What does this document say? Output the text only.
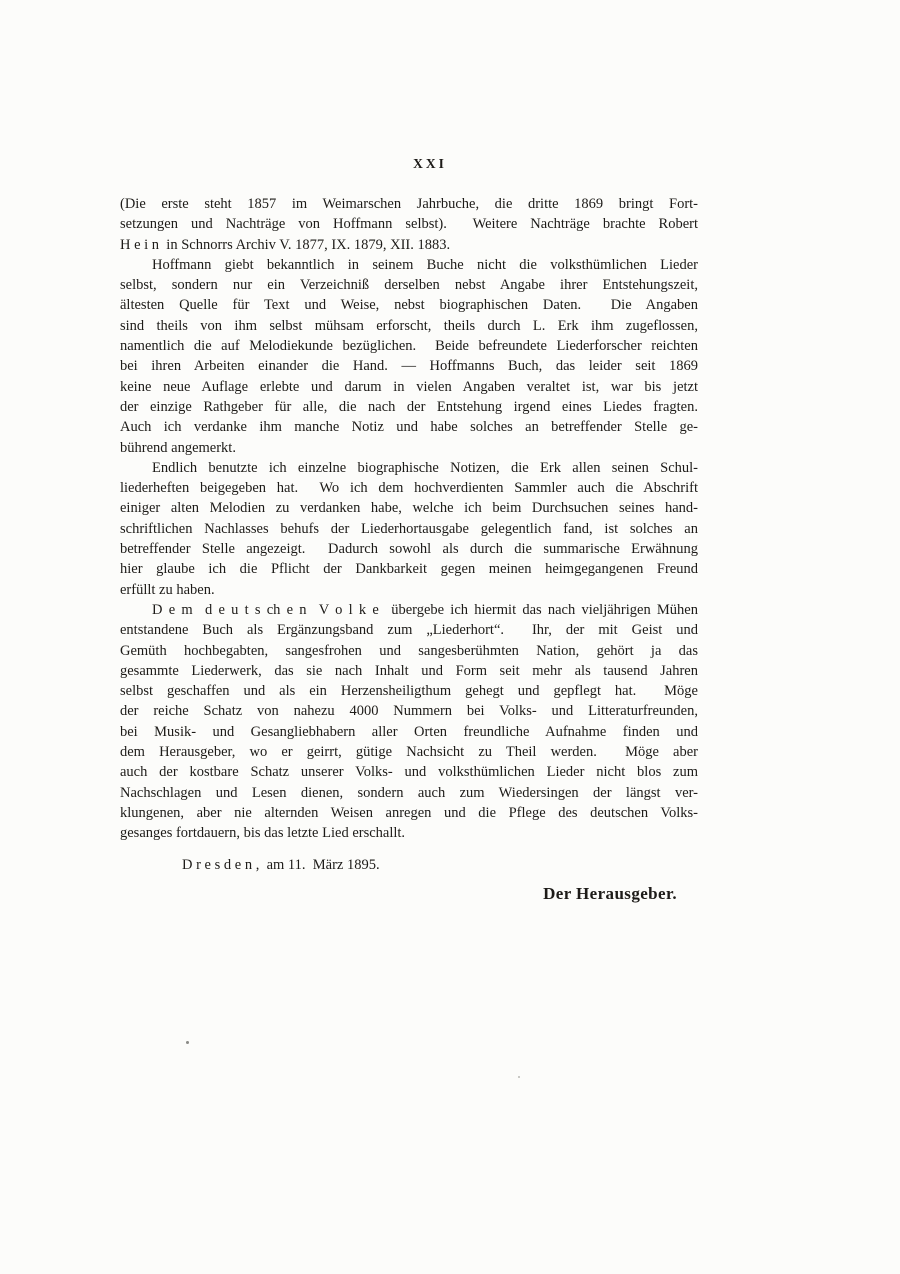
XXI
(Die erste steht 1857 im Weimarschen Jahrbuche, die dritte 1869 bringt Fort-
setzungen und Nachträge von Hoffmann selbst).  Weitere Nachträge brachte Robert
H e i n  in Schnorrs Archiv V. 1877, IX. 1879, XII. 1883.
Hoffmann giebt bekanntlich in seinem Buche nicht die volksthümlichen Lieder
selbst, sondern nur ein Verzeichniß derselben nebst Angabe ihrer Entstehungszeit,
ältesten Quelle für Text und Weise, nebst biographischen Daten.  Die Angaben
sind theils von ihm selbst mühsam erforscht, theils durch L. Erk ihm zugeflossen,
namentlich die auf Melodiekunde bezüglichen.  Beide befreundete Liederforscher reichten
bei ihren Arbeiten einander die Hand. — Hoffmanns Buch, das leider seit 1869
keine neue Auflage erlebte und darum in vielen Angaben veraltet ist, war bis jetzt
der einzige Rathgeber für alle, die nach der Entstehung irgend eines Liedes fragten.
Auch ich verdanke ihm manche Notiz und habe solches an betreffender Stelle ge-
bührend angemerkt.
Endlich benutzte ich einzelne biographische Notizen, die Erk allen seinen Schul-
liederheften beigegeben hat.  Wo ich dem hochverdienten Sammler auch die Abschrift
einiger alten Melodien zu verdanken habe, welche ich beim Durchsuchen seines hand-
schriftlichen Nachlasses behufs der Liederhortausgabe gelegentlich fand, ist solches an
betreffender Stelle angezeigt.  Dadurch sowohl als durch die summarische Erwähnung
hier glaube ich die Pflicht der Dankbarkeit gegen meinen heimgegangenen Freund
erfüllt zu haben.
D e m  d e u t s ch e n  V o l k e  übergebe ich hiermit das nach vieljährigen Mühen
entstandene Buch als Ergänzungsband zum „Liederhort“.  Ihr, der mit Geist und
Gemüth hochbegabten, sangesfrohen und sangesberühmten Nation, gehört ja das
gesammte Liederwerk, das sie nach Inhalt und Form seit mehr als tausend Jahren
selbst geschaffen und als ein Herzensheiligthum gehegt und gepflegt hat.  Möge
der reiche Schatz von nahezu 4000 Nummern bei Volks- und Litteraturfreunden,
bei Musik- und Gesangliebhabern aller Orten freundliche Aufnahme finden und
dem Herausgeber, wo er geirrt, gütige Nachsicht zu Theil werden.  Möge aber
auch der kostbare Schatz unserer Volks- und volksthümlichen Lieder nicht blos zum
Nachschlagen und Lesen dienen, sondern auch zum Wiedersingen der längst ver-
klungenen, aber nie alternden Weisen anregen und die Pflege des deutschen Volks-
gesanges fortdauern, bis das letzte Lied erschallt.
D r e s d e n ,  am 11.  März 1895.
Der Herausgeber.
